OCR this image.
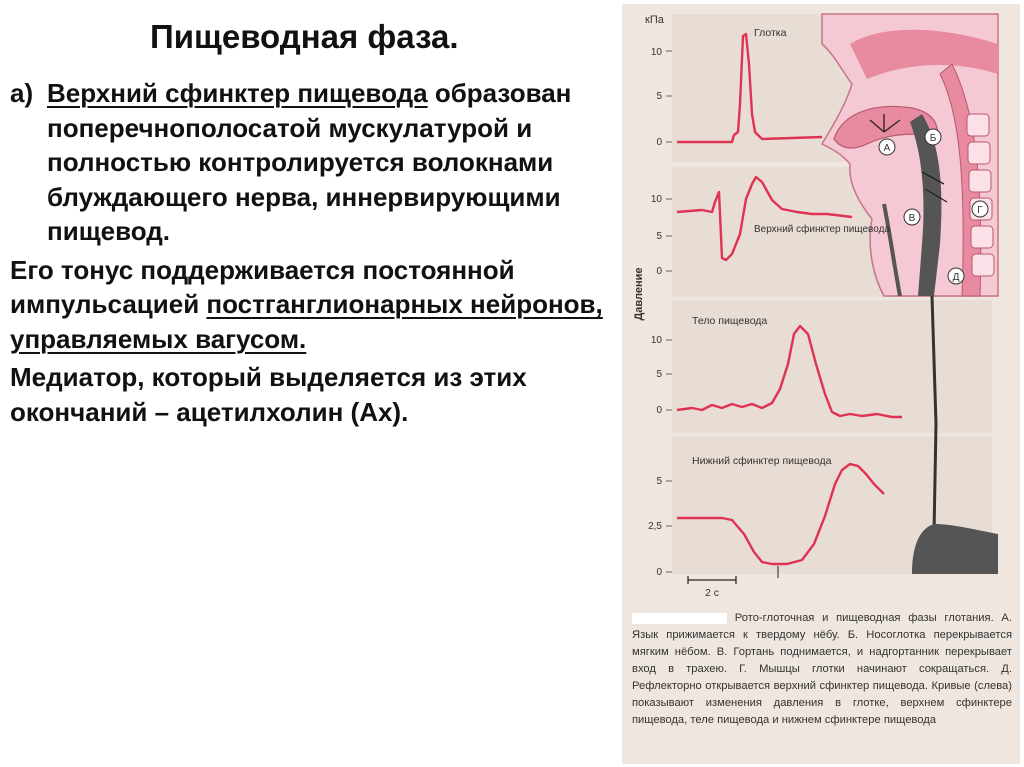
Пищеводная фаза.
а) Верхний сфинктер пищевода образован поперечнополосатой мускулатурой и полностью контролируется волокнами блуждающего нерва, иннервирующими пищевод.
Его тонус поддерживается постоянной импульсацией постганглионарных нейронов, управляемых вагусом.
Медиатор, который выделяется из этих окончаний – ацетилхолин (Ах).
кПа
Давление
10
5
0
10
5
0
10
5
0
5
2,5
0
А
Б
В
Г
Д
Глотка
Верхний сфинктер пищевода
Тело пищевода
Нижний сфинктер пищевода
2 с
Рото-глоточная и пищеводная фазы глотания. А. Язык прижимается к твердому нёбу. Б. Носоглотка перекрывается мягким нёбом. В. Гортань поднимается, и надгортанник перекрывает вход в трахею. Г. Мышцы глотки начинают сокращаться. Д. Рефлекторно открывается верхний сфинктер пищевода. Кривые (слева) показывают изменения давления в глотке, верхнем сфинктере пищевода, теле пищевода и нижнем сфинктере пищевода
